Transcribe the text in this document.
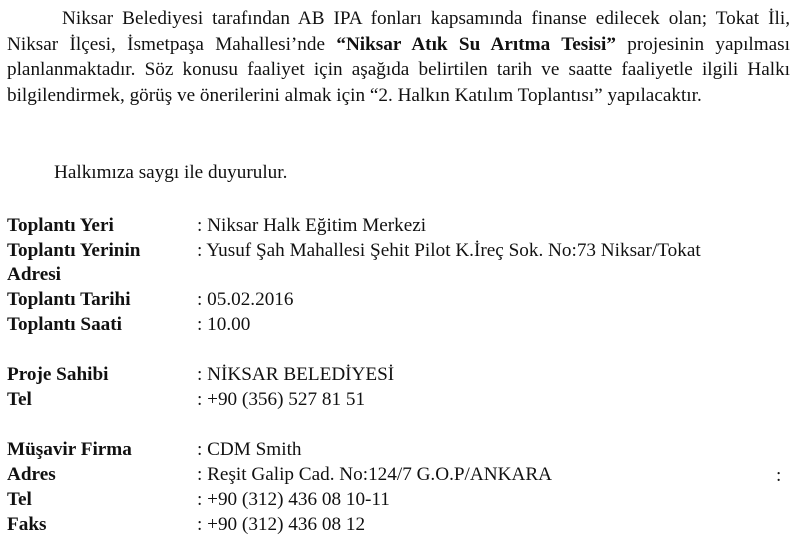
Niksar Belediyesi tarafından AB IPA fonları kapsamında finanse edilecek olan; Tokat İli, Niksar İlçesi, İsmetpaşa Mahallesi’nde “Niksar Atık Su Arıtma Tesisi” projesinin yapılması planlanmaktadır. Söz konusu faaliyet için aşağıda belirtilen tarih ve saatte faaliyetle ilgili Halkı bilgilendirmek, görüş ve önerilerini almak için “2. Halkın Katılım Toplantısı” yapılacaktır.

Halkımıza saygı ile duyurulur.

Toplantı Yeri	: Niksar Halk Eğitim Merkezi
Toplantı Yerinin	: Yusuf Şah Mahallesi Şehit Pilot K.İreç Sok. No:73 Niksar/Tokat
Adresi
Toplantı Tarihi	: 05.02.2016
Toplantı Saati	: 10.00
Proje Sahibi	: NİKSAR BELEDİYESİ
Tel	: +90 (356) 527 81 51
Müşavir Firma	: CDM Smith
Adres	: Reşit Galip Cad. No:124/7 G.O.P/ANKARA	:
Tel	: +90 (312) 436 08 10-11
Faks	: +90 (312) 436 08 12
